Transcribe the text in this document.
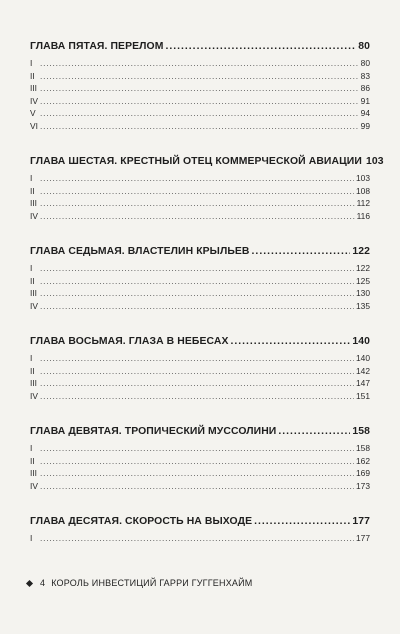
ГЛАВА ПЯТАЯ. ПЕРЕЛОМ .....	80
I .....	80
II .....	83
III .....	86
IV .....	91
V .....	94
VI .....	99
ГЛАВА ШЕСТАЯ. КРЕСТНЫЙ ОТЕЦ КОММЕРЧЕСКОЙ АВИАЦИИ 103
I .....	103
II .....	108
III .....	112
IV .....	116
ГЛАВА СЕДЬМАЯ. ВЛАСТЕЛИН КРЫЛЬЕВ .....	122
I .....	122
II .....	125
III .....	130
IV .....	135
ГЛАВА ВОСЬМАЯ. ГЛАЗА В НЕБЕСАХ .....	140
I .....	140
II .....	142
III .....	147
IV .....	151
ГЛАВА ДЕВЯТАЯ. ТРОПИЧЕСКИЙ МУССОЛИНИ .....	158
I .....	158
II .....	162
III .....	169
IV .....	173
ГЛАВА ДЕСЯТАЯ. СКОРОСТЬ НА ВЫХОДЕ .....	177
I .....	177
4 КОРОЛЬ ИНВЕСТИЦИЙ ГАРРИ ГУГГЕНХАЙМ
